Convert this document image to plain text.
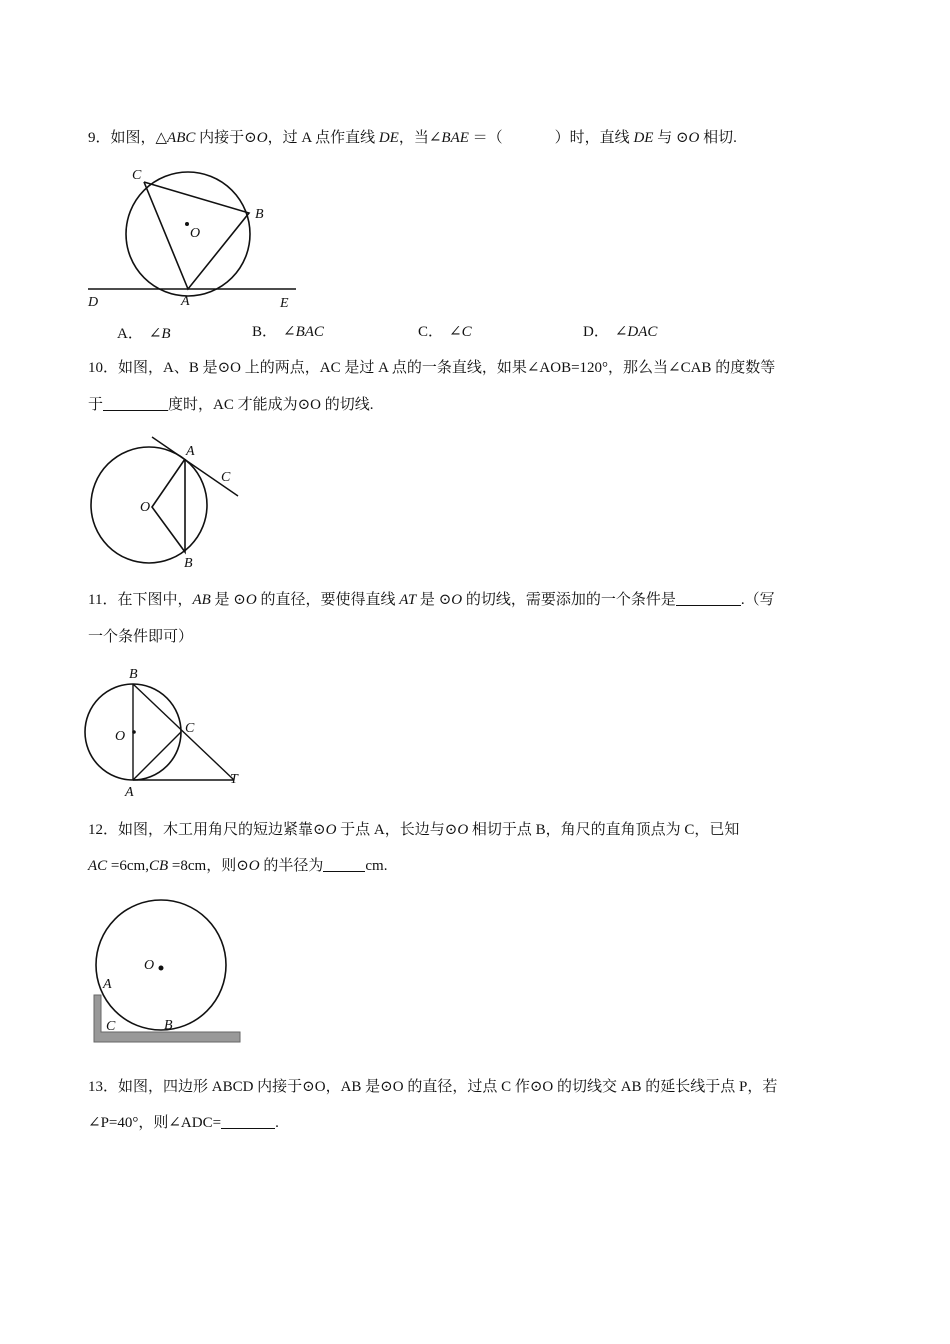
9．如图，△ABC 内接于⊙O，过 A 点作直线 DE，当∠BAE ＝（	）时，直线 DE 与 ⊙O 相切.
C
B
O
D	A	E
A． ∠B	B． ∠BAC	C． ∠C	D． ∠DAC
10．如图，A、B 是⊙O 上的两点，AC 是过 A 点的一条直线，如果∠AOB=120°，那么当∠CAB 的度数等
于	度时，AC 才能成为⊙O 的切线.
A
C
O
B
11．在下图中，AB 是 ⊙O 的直径，要使得直线 AT 是 ⊙O 的切线，需要添加的一个条件是	.（写
一个条件即可）
B
O
C
A
T
12．如图，木工用角尺的短边紧靠⊙O 于点 A，长边与⊙O 相切于点 B，角尺的直角顶点为 C，已知
AC =6cm,CB =8cm，则⊙O 的半径为	cm.
O
A
C	B
13．如图，四边形 ABCD 内接于⊙O，AB 是⊙O 的直径，过点 C 作⊙O 的切线交 AB 的延长线于点 P，若
∠P=40°，则∠ADC=	.
